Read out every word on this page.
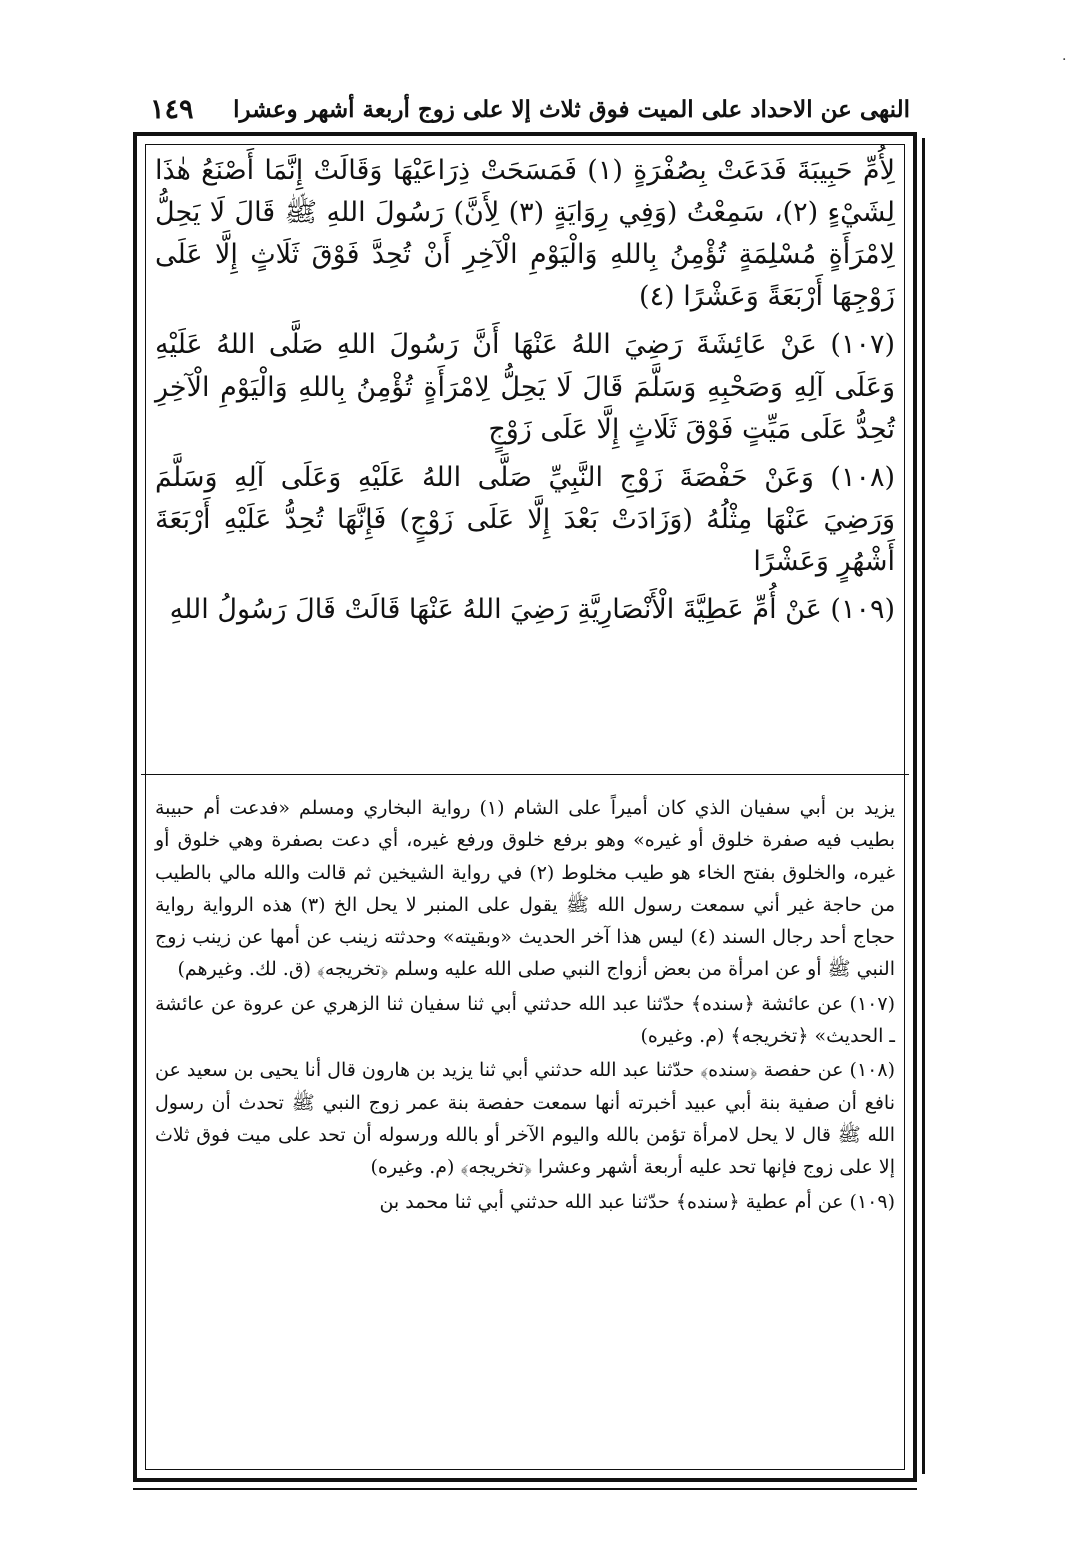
النهى عن الاحداد على الميت فوق ثلاث إلا على زوج أربعة أشهر وعشرا
١٤٩
·

لِأُمِّ حَبِيبَةَ فَدَعَتْ بِصُفْرَةٍ (١) فَمَسَحَتْ ذِرَاعَيْهَا وَقَالَتْ إِنَّمَا أَصْنَعُ هٰذَا لِشَيْءٍ (٢)، سَمِعْتُ (وَفِي رِوَايَةٍ (٣) لِأَنَّ) رَسُولَ اللهِ ﷺ قَالَ لَا يَحِلُّ لِامْرَأَةٍ مُسْلِمَةٍ تُؤْمِنُ بِاللهِ وَالْيَوْمِ الْآخِرِ أَنْ تُحِدَّ فَوْقَ ثَلَاثٍ إِلَّا عَلَى زَوْجِهَا أَرْبَعَةً وَعَشْرًا (٤)

(١٠٧) عَنْ عَائِشَةَ رَضِيَ اللهُ عَنْهَا أَنَّ رَسُولَ اللهِ صَلَّى اللهُ عَلَيْهِ وَعَلَى آلِهِ وَصَحْبِهِ وَسَلَّمَ قَالَ لَا يَحِلُّ لِامْرَأَةٍ تُؤْمِنُ بِاللهِ وَالْيَوْمِ الْآخِرِ تُحِدُّ عَلَى مَيِّتٍ فَوْقَ ثَلَاثٍ إِلَّا عَلَى زَوْجٍ

(١٠٨) وَعَنْ حَفْصَةَ زَوْجِ النَّبِيِّ صَلَّى اللهُ عَلَيْهِ وَعَلَى آلِهِ وَسَلَّمَ وَرَضِيَ عَنْهَا مِثْلُهُ (وَزَادَتْ بَعْدَ إِلَّا عَلَى زَوْجٍ) فَإِنَّهَا تُحِدُّ عَلَيْهِ أَرْبَعَةَ أَشْهُرٍ وَعَشْرًا

(١٠٩) عَنْ أُمِّ عَطِيَّةَ الْأَنْصَارِيَّةِ رَضِيَ اللهُ عَنْهَا قَالَتْ قَالَ رَسُولُ اللهِ

يزيد بن أبي سفيان الذي كان أميراً على الشام (١) رواية البخاري ومسلم «فدعت أم حبيبة بطيب فيه صفرة خلوق أو غيره» وهو برفع خلوق ورفع غيره، أي دعت بصفرة وهي خلوق أو غيره، والخلوق بفتح الخاء هو طيب مخلوط (٢) في رواية الشيخين ثم قالت والله مالي بالطيب من حاجة غير أني سمعت رسول الله ﷺ يقول على المنبر لا يحل الخ (٣) هذه الرواية رواية حجاج أحد رجال السند (٤) ليس هذا آخر الحديث «وبقيته» وحدثته زينب عن أمها عن زينب زوج النبي ﷺ أو عن امرأة من بعض أزواج النبي صلى الله عليه وسلم ﴿تخريجه﴾ (ق. لك. وغيرهم)

(١٠٧) عن عائشة ﴿سنده﴾ حدّثنا عبد الله حدثني أبي ثنا سفيان ثنا الزهري عن عروة عن عائشة ـ الحديث» ﴿تخريجه﴾ (م. وغيره)

(١٠٨) عن حفصة ﴿سنده﴾ حدّثنا عبد الله حدثني أبي ثنا يزيد بن هارون قال أنا يحيى بن سعيد عن نافع أن صفية بنة أبي عبيد أخبرته أنها سمعت حفصة بنة عمر زوج النبي ﷺ تحدث أن رسول الله ﷺ قال لا يحل لامرأة تؤمن بالله واليوم الآخر أو بالله ورسوله أن تحد على ميت فوق ثلاث إلا على زوج فإنها تحد عليه أربعة أشهر وعشرا ﴿تخريجه﴾ (م. وغيره)

(١٠٩) عن أم عطية ﴿سنده﴾ حدّثنا عبد الله حدثني أبي ثنا محمد بن
